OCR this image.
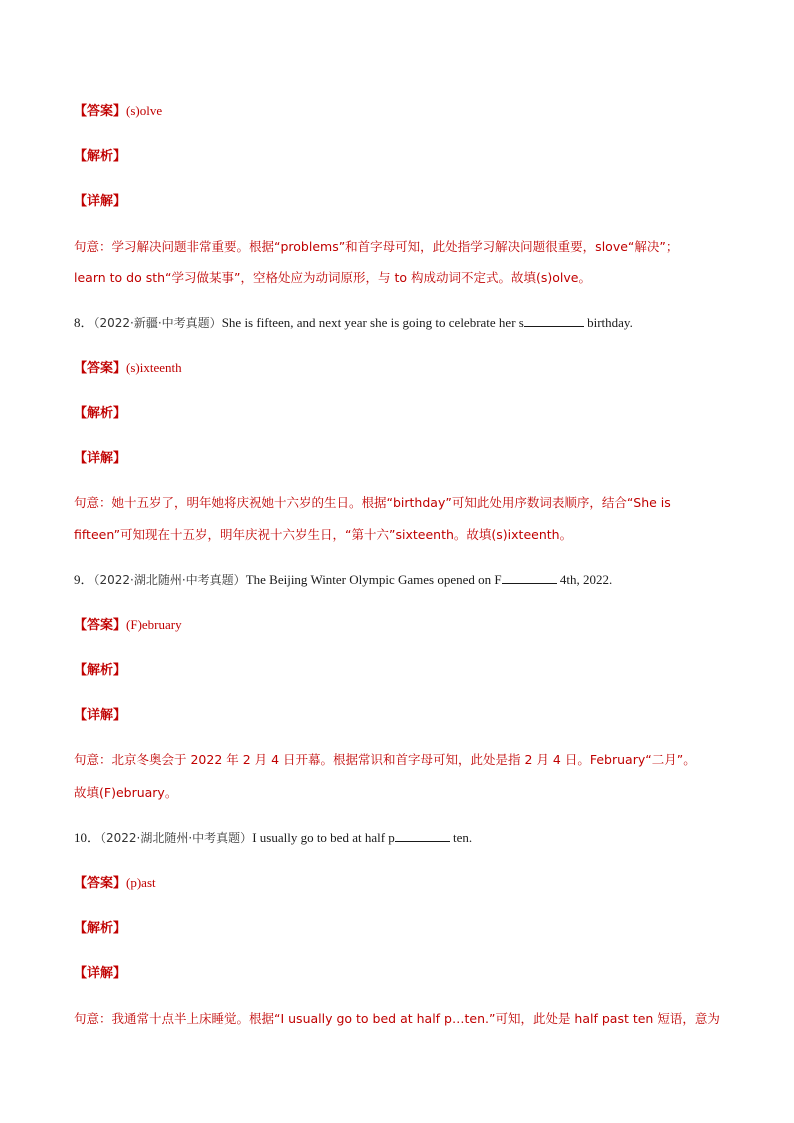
【答案】(s)olve
【解析】
【详解】
句意：学习解决问题非常重要。根据“problems”和首字母可知，此处指学习解决问题很重要，slove“解决”；
learn to do sth“学习做某事”，空格处应为动词原形，与 to 构成动词不定式。故填(s)olve。
8．（2022·新疆·中考真题）She is fifteen, and next year she is going to celebrate her s	birthday.
【答案】(s)ixteenth
【解析】
【详解】
句意：她十五岁了，明年她将庆祝她十六岁的生日。根据“birthday”可知此处用序数词表顺序，结合“She is
fifteen”可知现在十五岁，明年庆祝十六岁生日，“第十六”sixteenth。故填(s)ixteenth。
9．（2022·湖北随州·中考真题）The Beijing Winter Olympic Games opened on F	4th, 2022.
【答案】(F)ebruary
【解析】
【详解】
句意：北京冬奥会于 2022 年 2 月 4 日开幕。根据常识和首字母可知，此处是指 2 月 4 日。February“二月”。
故填(F)ebruary。
10．（2022·湖北随州·中考真题）I usually go to bed at half p	ten.
【答案】(p)ast
【解析】
【详解】
句意：我通常十点半上床睡觉。根据“I usually go to bed at half p…ten.”可知，此处是 half past ten 短语，意为
